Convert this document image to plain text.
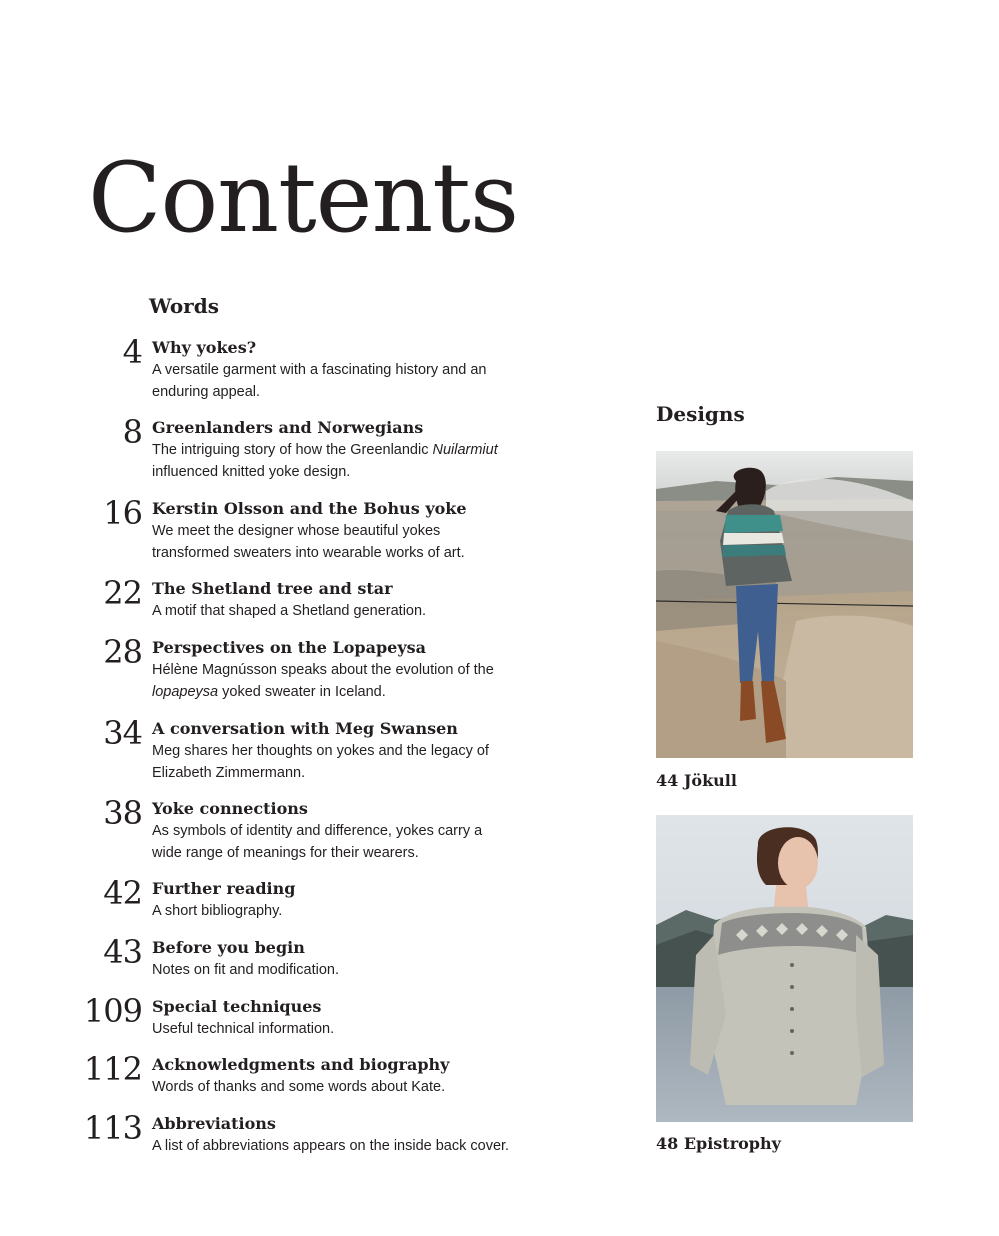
Contents
Words
4 Why yokes?
A versatile garment with a fascinating history and an enduring appeal.
8 Greenlanders and Norwegians
The intriguing story of how the Greenlandic Nuilarmiut influenced knitted yoke design.
16 Kerstin Olsson and the Bohus yoke
We meet the designer whose beautiful yokes transformed sweaters into wearable works of art.
22 The Shetland tree and star
A motif that shaped a Shetland generation.
28 Perspectives on the Lopapeysa
Hélène Magnússon speaks about the evolution of the lopapeysa yoked sweater in Iceland.
34 A conversation with Meg Swansen
Meg shares her thoughts on yokes and the legacy of Elizabeth Zimmermann.
38 Yoke connections
As symbols of identity and difference, yokes carry a wide range of meanings for their wearers.
42 Further reading
A short bibliography.
43 Before you begin
Notes on fit and modification.
109 Special techniques
Useful technical information.
112 Acknowledgments and biography
Words of thanks and some words about Kate.
113 Abbreviations
A list of abbreviations appears on the inside back cover.
Designs

44 Jökull

48 Epistrophy
